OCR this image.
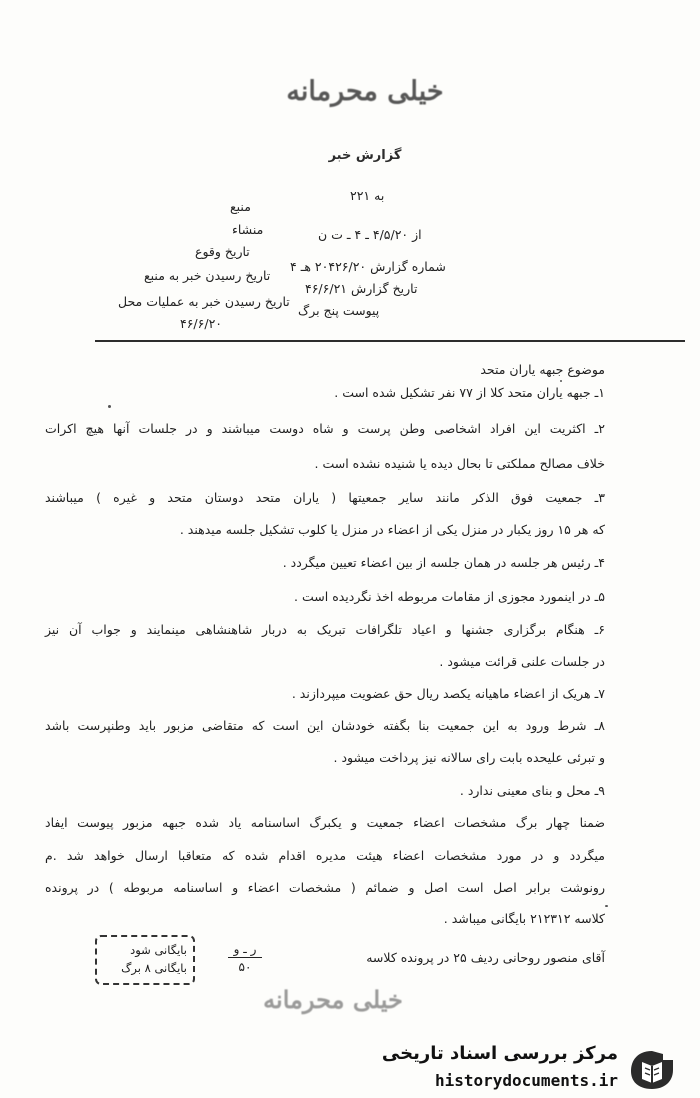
خیلی محرمانه
گزارش خبر
به ۲۲۱
از ۴/۵/۲۰ ـ ۴ ـ ت ن
شماره گزارش ۲۰۴۲۶/۲۰ هـ ۴
تاریخ گزارش ۴۶/۶/۲۱
پیوست پنج برگ
منبع
منشاء
تاریخ وقوع
تاریخ رسیدن خبر به منبع
تاریخ رسیدن خبر به عملیات محل
۴۶/۶/۲۰
موضوع جبهه یاران متحد
۱ـ جبهه یاران متحد کلا از ۷۷ نفر تشکیل شده است .
۲ـ اکثریت این افراد اشخاصی وطن پرست و شاه دوست میباشند و در جلسات آنها هیچ اکرات
خلاف مصالح مملکتی تا بحال دیده یا شنیده نشده است .
۳ـ جمعیت فوق الذکر مانند سایر جمعیتها ( یاران متحد دوستان متحد و غیره ) میباشند
که هر ۱۵ روز یکبار در منزل یکی از اعضاء در منزل یا کلوب تشکیل جلسه میدهند .
۴ـ رئیس هر جلسه در همان جلسه از بین اعضاء تعیین میگردد .
۵ـ در اینمورد مجوزی از مقامات مربوطه اخذ نگردیده است .
۶ـ هنگام برگزاری جشنها و اعیاد تلگرافات تبریک به دربار شاهنشاهی مینمایند و جواب آن نیز
در جلسات علنی قرائت میشود .
۷ـ هریک از اعضاء ماهیانه یکصد ریال حق عضویت میپردازند .
۸ـ شرط ورود به این جمعیت بنا بگفته خودشان این است که متقاضی مزبور باید وطنپرست باشد
و تبرئی علیحده بابت رای سالانه نیز پرداخت میشود .
۹ـ محل و بنای معینی ندارد .
ضمنا چهار برگ مشخصات اعضاء جمعیت و یکبرگ اساسنامه یاد شده جبهه مزبور پیوست ایفاد
میگردد و در مورد مشخصات اعضاء هیئت مدیره اقدام شده که متعاقبا ارسال خواهد شد .م
رونوشت برابر اصل است اصل و ضمائم ( مشخصات اعضاء و اساسنامه مربوطه ) در پرونده
کلاسه ۲۱۲۳۱۲ بایگانی میباشد .
آقای منصور روحانی ردیف ۲۵ در پرونده کلاسه
ر ـ و
۵۰
بایگانی شود
بایگانی ۸ برگ
خیلی محرمانه
مرکز بررسی اسناد تاریخی
historydocuments.ir
